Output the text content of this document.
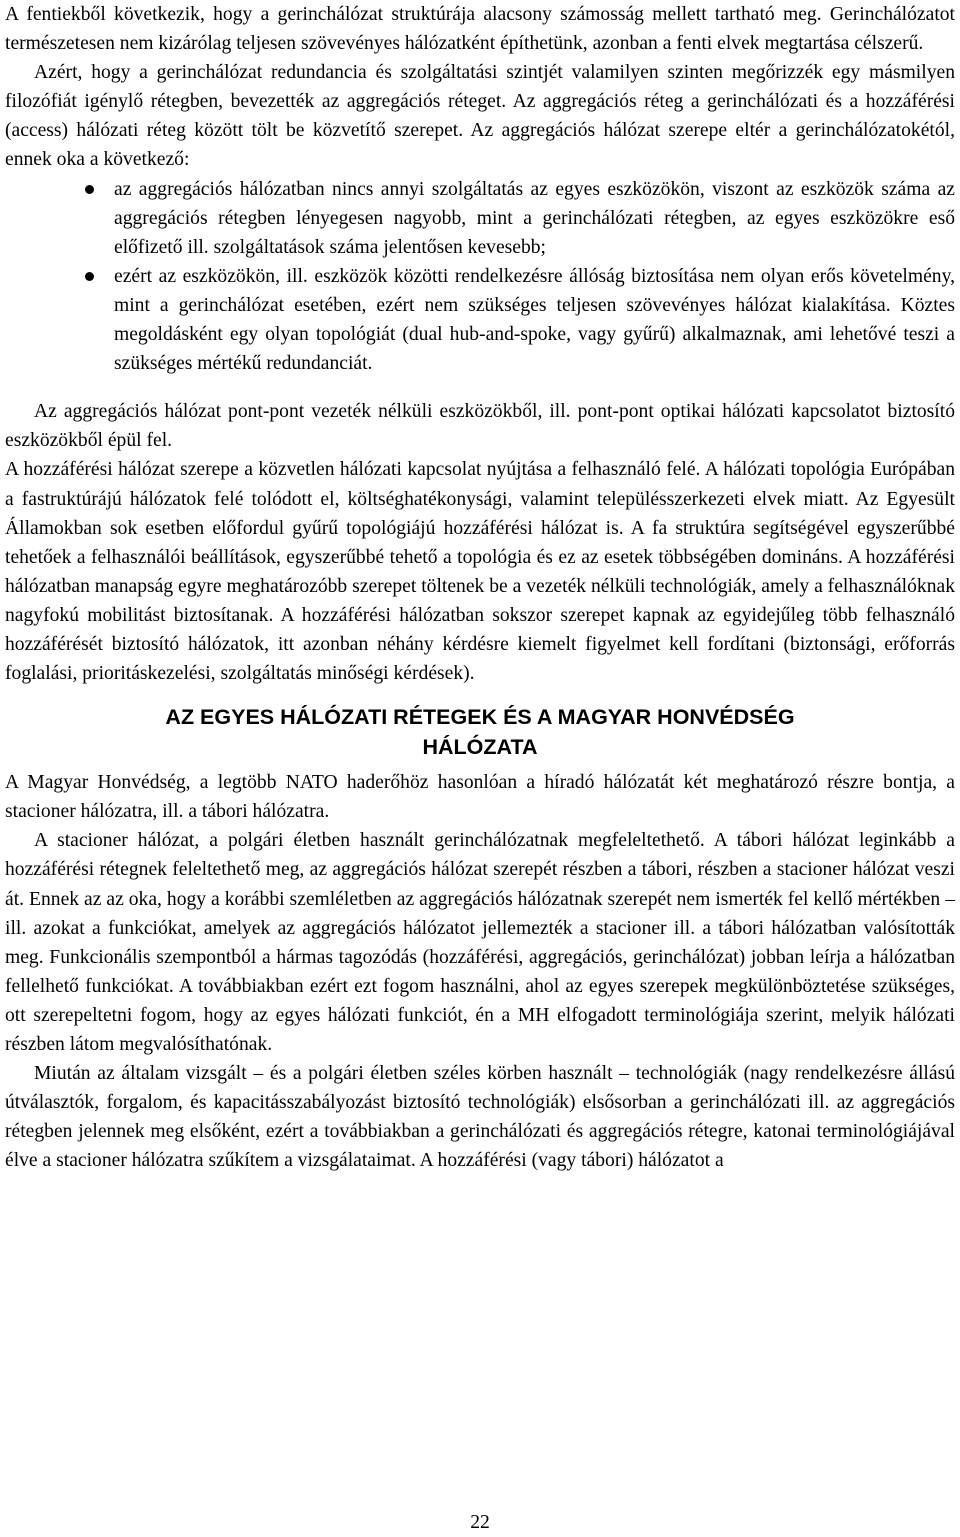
A fentiekből következik, hogy a gerinchálózat struktúrája alacsony számosság mellett tartható meg. Gerinchálózatot természetesen nem kizárólag teljesen szövevényes hálózatként építhetünk, azonban a fenti elvek megtartása célszerű.

Azért, hogy a gerinchálózat redundancia és szolgáltatási szintjét valamilyen szinten megőrizzék egy másmilyen filozófiát igénylő rétegben, bevezették az aggregációs réteget. Az aggregációs réteg a gerinchálózati és a hozzáférési (access) hálózati réteg között tölt be közvetítő szerepet. Az aggregációs hálózat szerepe eltér a gerinchálózatokétól, ennek oka a következő:

az aggregációs hálózatban nincs annyi szolgáltatás az egyes eszközökön, viszont az eszközök száma az aggregációs rétegben lényegesen nagyobb, mint a gerinchálózati rétegben, az egyes eszközökre eső előfizető ill. szolgáltatások száma jelentősen kevesebb;
ezért az eszközökön, ill. eszközök közötti rendelkezésre állóság biztosítása nem olyan erős követelmény, mint a gerinchálózat esetében, ezért nem szükséges teljesen szövevényes hálózat kialakítása. Köztes megoldásként egy olyan topológiát (dual hub-and-spoke, vagy gyűrű) alkalmaznak, ami lehetővé teszi a szükséges mértékű redundanciát.

Az aggregációs hálózat pont-pont vezeték nélküli eszközökből, ill. pont-pont optikai hálózati kapcsolatot biztosító eszközökből épül fel.

A hozzáférési hálózat szerepe a közvetlen hálózati kapcsolat nyújtása a felhasználó felé. A hálózati topológia Európában a fastruktúrájú hálózatok felé tolódott el, költséghatékonysági, valamint településszerkezeti elvek miatt. Az Egyesült Államokban sok esetben előfordul gyűrű topológiájú hozzáférési hálózat is. A fa struktúra segítségével egyszerűbbé tehetőek a felhasználói beállítások, egyszerűbbé tehető a topológia és ez az esetek többségében domináns. A hozzáférési hálózatban manapság egyre meghatározóbb szerepet töltenek be a vezeték nélküli technológiák, amely a felhasználóknak nagyfokú mobilitást biztosítanak. A hozzáférési hálózatban sokszor szerepet kapnak az egyidejűleg több felhasználó hozzáférését biztosító hálózatok, itt azonban néhány kérdésre kiemelt figyelmet kell fordítani (biztonsági, erőforrás foglalási, prioritáskezelési, szolgáltatás minőségi kérdések).

AZ EGYES HÁLÓZATI RÉTEGEK ÉS A MAGYAR HONVÉDSÉG HÁLÓZATA

A Magyar Honvédség, a legtöbb NATO haderőhöz hasonlóan a híradó hálózatát két meghatározó részre bontja, a stacioner hálózatra, ill. a tábori hálózatra.

A stacioner hálózat, a polgári életben használt gerinchálózatnak megfeleltethető. A tábori hálózat leginkább a hozzáférési rétegnek feleltethető meg, az aggregációs hálózat szerepét részben a tábori, részben a stacioner hálózat veszi át. Ennek az az oka, hogy a korábbi szemléletben az aggregációs hálózatnak szerepét nem ismerték fel kellő mértékben – ill. azokat a funkciókat, amelyek az aggregációs hálózatot jellemezték a stacioner ill. a tábori hálózatban valósították meg. Funkcionális szempontból a hármas tagozódás (hozzáférési, aggregációs, gerinchálózat) jobban leírja a hálózatban fellelhető funkciókat. A továbbiakban ezért ezt fogom használni, ahol az egyes szerepek megkülönböztetése szükséges, ott szerepeltetni fogom, hogy az egyes hálózati funkciót, én a MH elfogadott terminológiája szerint, melyik hálózati részben látom megvalósíthatónak.

Miután az általam vizsgált – és a polgári életben széles körben használt – technológiák (nagy rendelkezésre állású útválasztók, forgalom, és kapacitásszabályozást biztosító technológiák) elsősorban a gerinchálózati ill. az aggregációs rétegben jelennek meg elsőként, ezért a továbbiakban a gerinchálózati és aggregációs rétegre, katonai terminológiájával élve a stacioner hálózatra szűkítem a vizsgálataimat. A hozzáférési (vagy tábori) hálózatot a

22
